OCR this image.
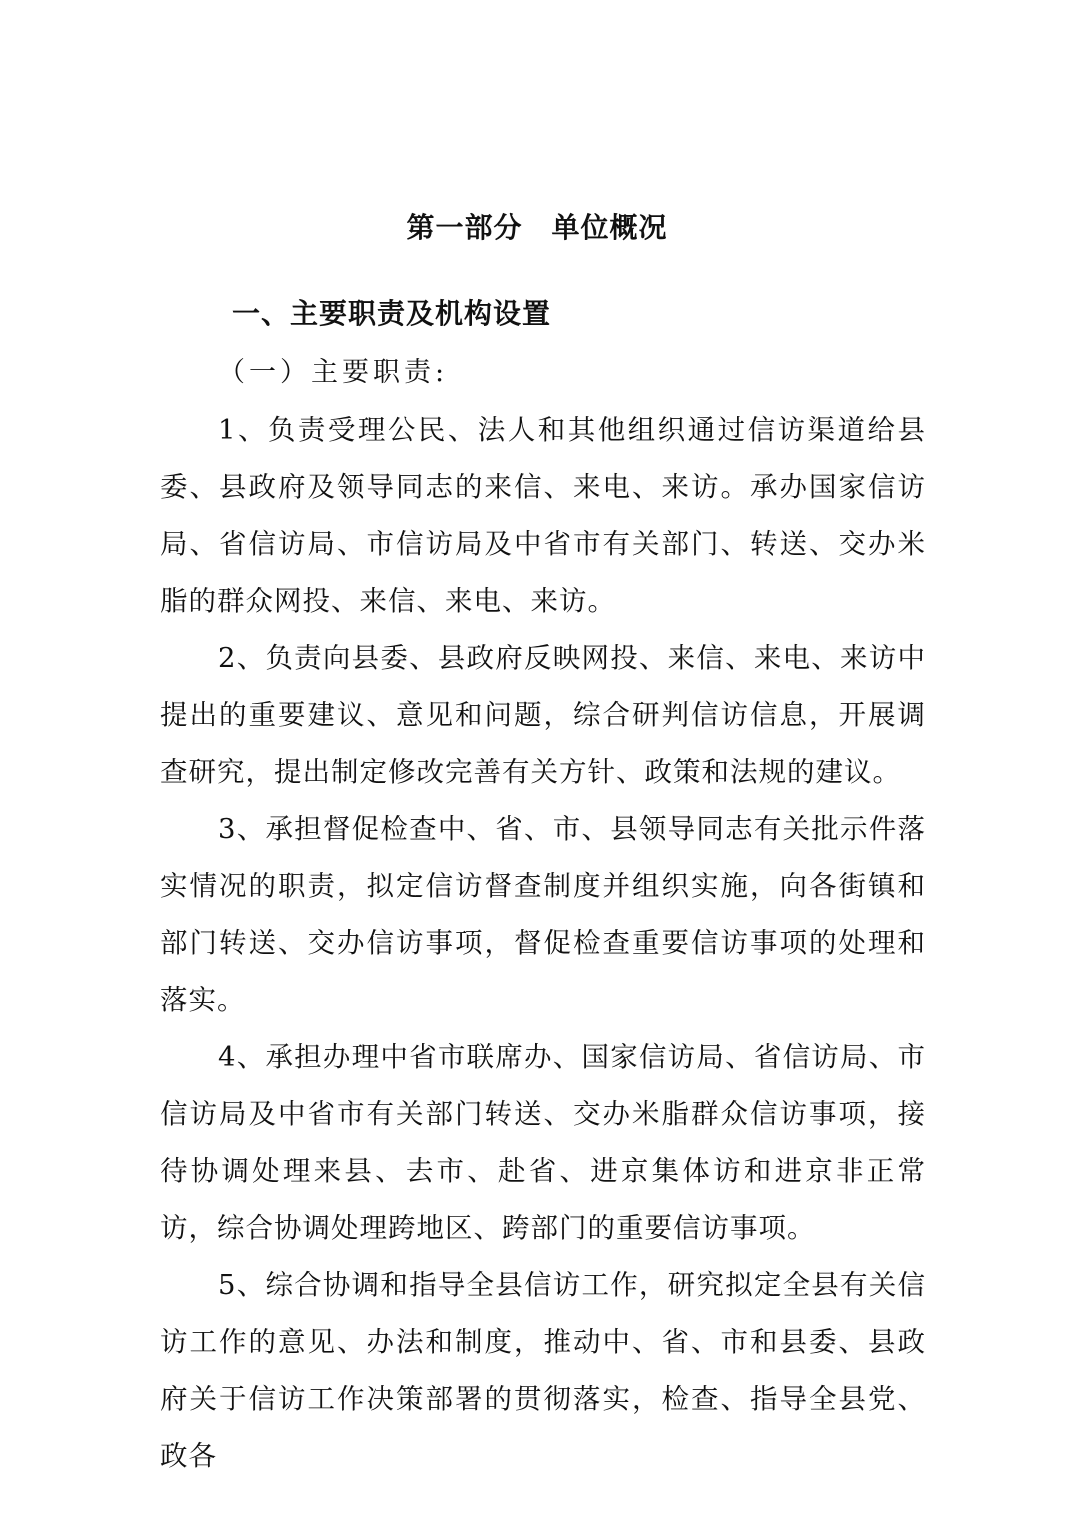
第一部分　单位概况
一、主要职责及机构设置
（一）主要职责:

1、负责受理公民、法人和其他组织通过信访渠道给县委、县政府及领导同志的来信、来电、来访。承办国家信访局、省信访局、市信访局及中省市有关部门、转送、交办米脂的群众网投、来信、来电、来访。

2、负责向县委、县政府反映网投、来信、来电、来访中提出的重要建议、意见和问题，综合研判信访信息，开展调查研究，提出制定修改完善有关方针、政策和法规的建议。

3、承担督促检查中、省、市、县领导同志有关批示件落实情况的职责，拟定信访督查制度并组织实施，向各街镇和部门转送、交办信访事项，督促检查重要信访事项的处理和落实。

4、承担办理中省市联席办、国家信访局、省信访局、市信访局及中省市有关部门转送、交办米脂群众信访事项，接待协调处理来县、去市、赴省、进京集体访和进京非正常访，综合协调处理跨地区、跨部门的重要信访事项。

5、综合协调和指导全县信访工作，研究拟定全县有关信访工作的意见、办法和制度，推动中、省、市和县委、县政府关于信访工作决策部署的贯彻落实，检查、指导全县党、政各
